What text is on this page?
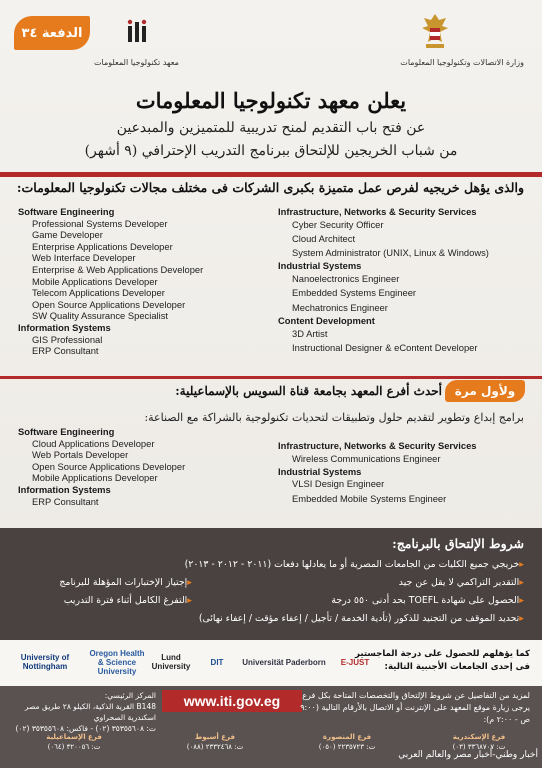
وزارة الاتصالات وتكنولوجيا المعلومات
معهد تكنولوجيا المعلومات
الدفعة ٣٤
يعلن معهد تكنولوجيا المعلومات
عن فتح باب التقديم لمنح تدريبية للمتميزين والمبدعين
من شباب الخريجين للإلتحاق ببرنامج التدريب الإحترافي (٩ أشهر)
والذى يؤهل خريجيه لفرص عمل متميزة بكبرى الشركات فى مختلف مجالات تكنولوجيا المعلومات:
Software Engineering
Professional Systems Developer
Game Developer
Enterprise Applications Developer
Web Interface Developer
Enterprise & Web Applications Developer
Mobile Applications Developer
Telecom Applications Developer
Open Source Applications Developer
SW Quality Assurance Specialist
Information Systems
GIS Professional
ERP Consultant
Infrastructure, Networks & Security Services
Cyber Security Officer
Cloud Architect
System Administrator (UNIX, Linux & Windows)
Industrial Systems
Nanoelectronics Engineer
Embedded Systems Engineer
Mechatronics Engineer
Content Development
3D Artist
Instructional Designer & eContent Developer
ولأول مرة
أحدث أفرع المعهد بجامعة قناة السويس بالإسماعيلية:
برامج إبداع وتطوير لتقديم حلول وتطبيقات لتحديات تكنولوجية بالشراكة مع الصناعة:
Software Engineering
Cloud Applications Developer
Web Portals Developer
Open Source Applications Developer
Mobile Applications Developer
Information Systems
ERP Consultant
Infrastructure, Networks & Security Services
Wireless Communications Engineer
Industrial Systems
VLSI Design Engineer
Embedded Mobile Systems Engineer
شروط الإلتحاق بالبرنامج:
▸ خريجي جميع الكليات من الجامعات المصرية أو ما يعادلها دفعات (٢٠١١ - ٢٠١٢ - ٢٠١٣)
▸ التقدير التراكمي لا يقل عن جيد
▸ الحصول على شهادة TOEFL بحد أدنى ٥٥٠ درجة
▸ تحديد الموقف من التجنيد للذكور (تأدية الخدمة / تأجيل / إعفاء مؤقت / إعفاء نهائى)
▸ إجتياز الإختبارات المؤهلة للبرنامج
▸ التفرغ الكامل أثناء فترة التدريب
University of Nottingham
Oregon Health & Science University
Lund University	DIT	Universität Paderborn	E-JUST
كما يؤهلهم للحصول على درجة الماجستير
فى إحدى الجامعات الأجنبية التالية:
المركز الرئيسي:
B148 القرية الذكية، الكيلو ٢٨ طريق مصر اسكندرية الصحراوي
ت: ٣٥٣٥٥٦٠٨ (٠٢) - فاكس: ٣٥٣٥٥٦٠٨ (٠٢)
www.iti.gov.eg	لمزيد من التفاصيل عن شروط الإلتحاق والتخصصات المتاحة بكل فرع
يرجى زيارة موقع المعهد على الإنترنت أو الاتصال بالأرقام التالية (٩:٠٠ ص - ٢:٠٠ م):
فرع الإسكندرية
ت: ٣٣٦٨٧٠٧ (٠٣)
فرع المنصورة
ت: ٢٢٣٥٧٢٣ (٠٥٠)
فرع أسيوط
ت: ٢٣٣٢٤٦٨ (٠٨٨)
فرع الإسماعيلية
ت: ٣٢٠٠٥٦ (٠٦٤)
أخبار وطني-أخبار مصر والعالم العربي
